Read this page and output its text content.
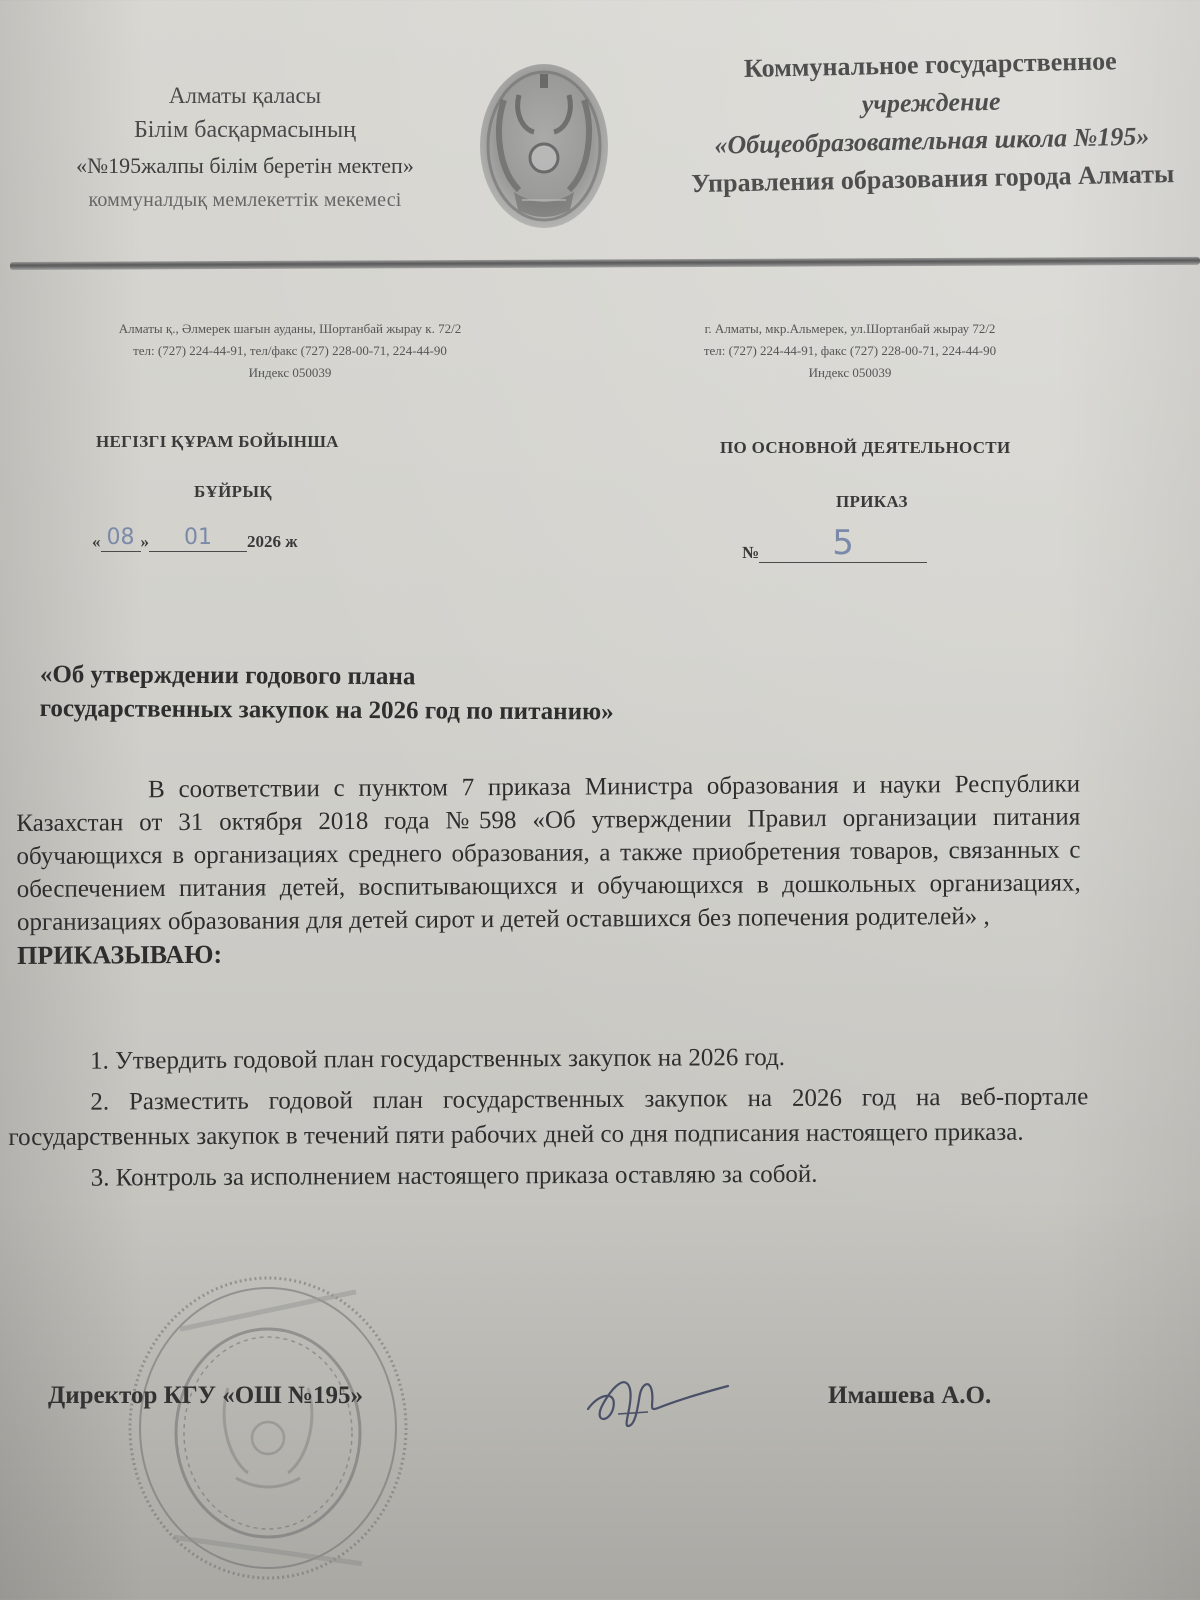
Алматы қаласы
Білім басқармасының
«№195жалпы білім беретін мектеп»
коммуналдық мемлекеттік мекемесі
Коммунальное государственное
учреждение
«Общеобразовательная школа №195»
Управления образования города Алматы
Алматы қ., Әлмерек шағын ауданы, Шортанбай жырау к. 72/2
тел: (727) 224-44-91, тел/факс (727) 228-00-71, 224-44-90
Индекс 050039
г. Алматы, мкр.Альмерек, ул.Шортанбай жырау 72/2
тел: (727) 224-44-91, факс (727) 228-00-71, 224-44-90
Индекс 050039
НЕГІЗГІ ҚҰРАМ БОЙЫНША	ПО ОСНОВНОЙ ДЕЯТЕЛЬНОСТИ
БҰЙРЫҚ
ПРИКАЗ
« 08 »	01	2026 ж
№	5
«Об утверждении годового плана
государственных закупок на 2026 год по питанию»
В соответствии с пунктом 7 приказа Министра образования и науки Республики Казахстан от 31 октября 2018 года №598 «Об утверждении Правил организации питания обучающихся в организациях среднего образования, а также приобретения товаров, связанных с обеспечением питания детей, воспитывающихся и обучающихся в дошкольных организациях, организациях образования для детей сирот и детей оставшихся без попечения родителей» ,
ПРИКАЗЫВАЮ:
1. Утвердить годовой план государственных закупок на 2026 год.
2. Разместить годовой план государственных закупок на 2026 год на веб-портале государственных закупок в течений пяти рабочих дней со дня подписания настоящего приказа.
3. Контроль за исполнением настоящего приказа оставляю за собой.
Директор КГУ «ОШ №195»	Имашева А.О.
